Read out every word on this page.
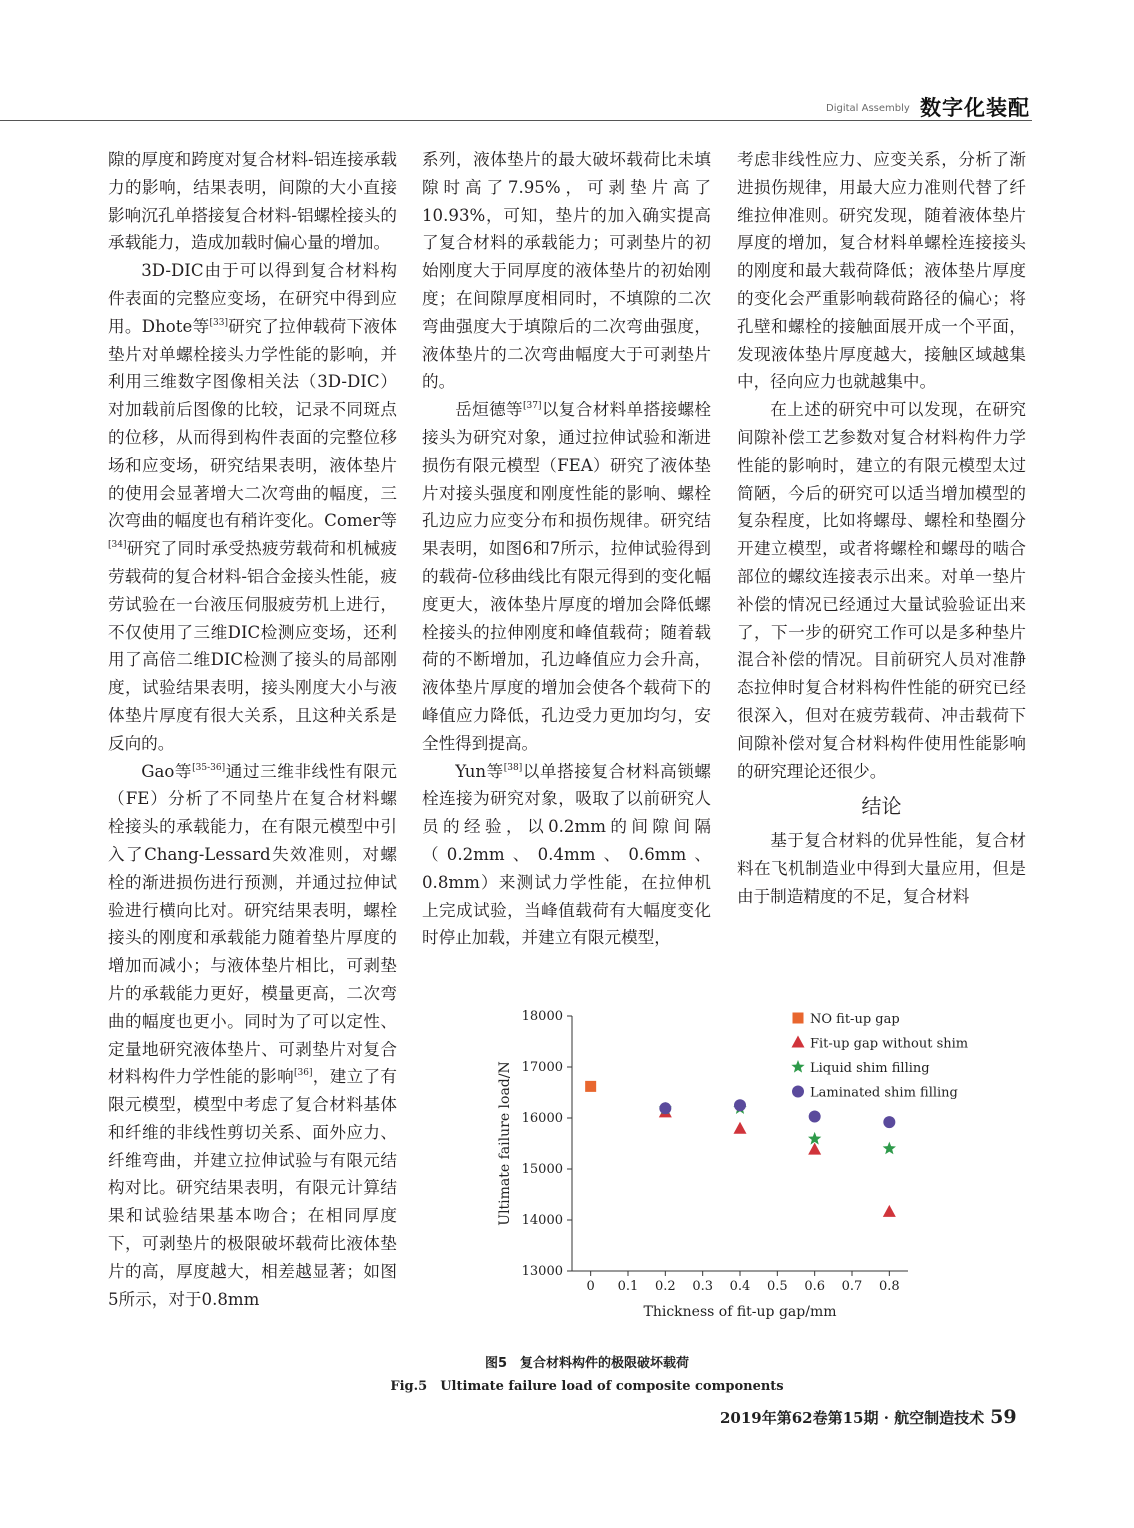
Digital Assembly 数字化装配

隙的厚度和跨度对复合材料-铝连接承载力的影响，结果表明，间隙的大小直接影响沉孔单搭接复合材料-铝螺栓接头的承载能力，造成加载时偏心量的增加。

3D-DIC由于可以得到复合材料构件表面的完整应变场，在研究中得到应用。Dhote等[33]研究了拉伸载荷下液体垫片对单螺栓接头力学性能的影响，并利用三维数字图像相关法（3D-DIC）对加载前后图像的比较，记录不同斑点的位移，从而得到构件表面的完整位移场和应变场，研究结果表明，液体垫片的使用会显著增大二次弯曲的幅度，三次弯曲的幅度也有稍许变化。Comer等[34]研究了同时承受热疲劳载荷和机械疲劳载荷的复合材料-铝合金接头性能，疲劳试验在一台液压伺服疲劳机上进行，不仅使用了三维DIC检测应变场，还利用了高倍二维DIC检测了接头的局部刚度，试验结果表明，接头刚度大小与液体垫片厚度有很大关系，且这种关系是反向的。

Gao等[35-36]通过三维非线性有限元（FE）分析了不同垫片在复合材料螺栓接头的承载能力，在有限元模型中引入了Chang-Lessard失效准则，对螺栓的渐进损伤进行预测，并通过拉伸试验进行横向比对。研究结果表明，螺栓接头的刚度和承载能力随着垫片厚度的增加而减小；与液体垫片相比，可剥垫片的承载能力更好，模量更高，二次弯曲的幅度也更小。同时为了可以定性、定量地研究液体垫片、可剥垫片对复合材料构件力学性能的影响[36]，建立了有限元模型，模型中考虑了复合材料基体和纤维的非线性剪切关系、面外应力、纤维弯曲，并建立拉伸试验与有限元结构对比。研究结果表明，有限元计算结果和试验结果基本吻合；在相同厚度下，可剥垫片的极限破坏载荷比液体垫片的高，厚度越大，相差越显著；如图5所示，对于0.8mm

系列，液体垫片的最大破坏载荷比未填隙时高了7.95%，可剥垫片高了10.93%，可知，垫片的加入确实提高了复合材料的承载能力；可剥垫片的初始刚度大于同厚度的液体垫片的初始刚度；在间隙厚度相同时，不填隙的二次弯曲强度大于填隙后的二次弯曲强度，液体垫片的二次弯曲幅度大于可剥垫片的。

岳烜德等[37]以复合材料单搭接螺栓接头为研究对象，通过拉伸试验和渐进损伤有限元模型（FEA）研究了液体垫片对接头强度和刚度性能的影响、螺栓孔边应力应变分布和损伤规律。研究结果表明，如图6和7所示，拉伸试验得到的载荷-位移曲线比有限元得到的变化幅度更大，液体垫片厚度的增加会降低螺栓接头的拉伸刚度和峰值载荷；随着载荷的不断增加，孔边峰值应力会升高，液体垫片厚度的增加会使各个载荷下的峰值应力降低，孔边受力更加均匀，安全性得到提高。

Yun等[38]以单搭接复合材料高锁螺栓连接为研究对象，吸取了以前研究人员的经验，以0.2mm的间隙间隔（0.2mm、0.4mm、0.6mm、0.8mm）来测试力学性能，在拉伸机上完成试验，当峰值载荷有大幅度变化时停止加载，并建立有限元模型，

考虑非线性应力、应变关系，分析了渐进损伤规律，用最大应力准则代替了纤维拉伸准则。研究发现，随着液体垫片厚度的增加，复合材料单螺栓连接接头的刚度和最大载荷降低；液体垫片厚度的变化会严重影响载荷路径的偏心；将孔壁和螺栓的接触面展开成一个平面，发现液体垫片厚度越大，接触区域越集中，径向应力也就越集中。

在上述的研究中可以发现，在研究间隙补偿工艺参数对复合材料构件力学性能的影响时，建立的有限元模型太过简陋，今后的研究可以适当增加模型的复杂程度，比如将螺母、螺栓和垫圈分开建立模型，或者将螺栓和螺母的啮合部位的螺纹连接表示出来。对单一垫片补偿的情况已经通过大量试验验证出来了，下一步的研究工作可以是多种垫片混合补偿的情况。目前研究人员对准静态拉伸时复合材料构件性能的研究已经很深入，但对在疲劳载荷、冲击载荷下间隙补偿对复合材料构件使用性能影响的研究理论还很少。

结论

基于复合材料的优异性能，复合材料在飞机制造业中得到大量应用，但是由于制造精度的不足，复合材料

13000
14000
15000
16000
17000
18000
0 0.1 0.2 0.3 0.4 0.5 0.6 0.7 0.8
Thickness of fit-up gap/mm
Ultimate failure load/N
NO fit-up gap
Fit-up gap without shim
Liquid shim filling
Laminated shim filling
图5　复合材料构件的极限破坏载荷
Fig.5　Ultimate failure load of composite components
2019年第62卷第15期 · 航空制造技术 59
